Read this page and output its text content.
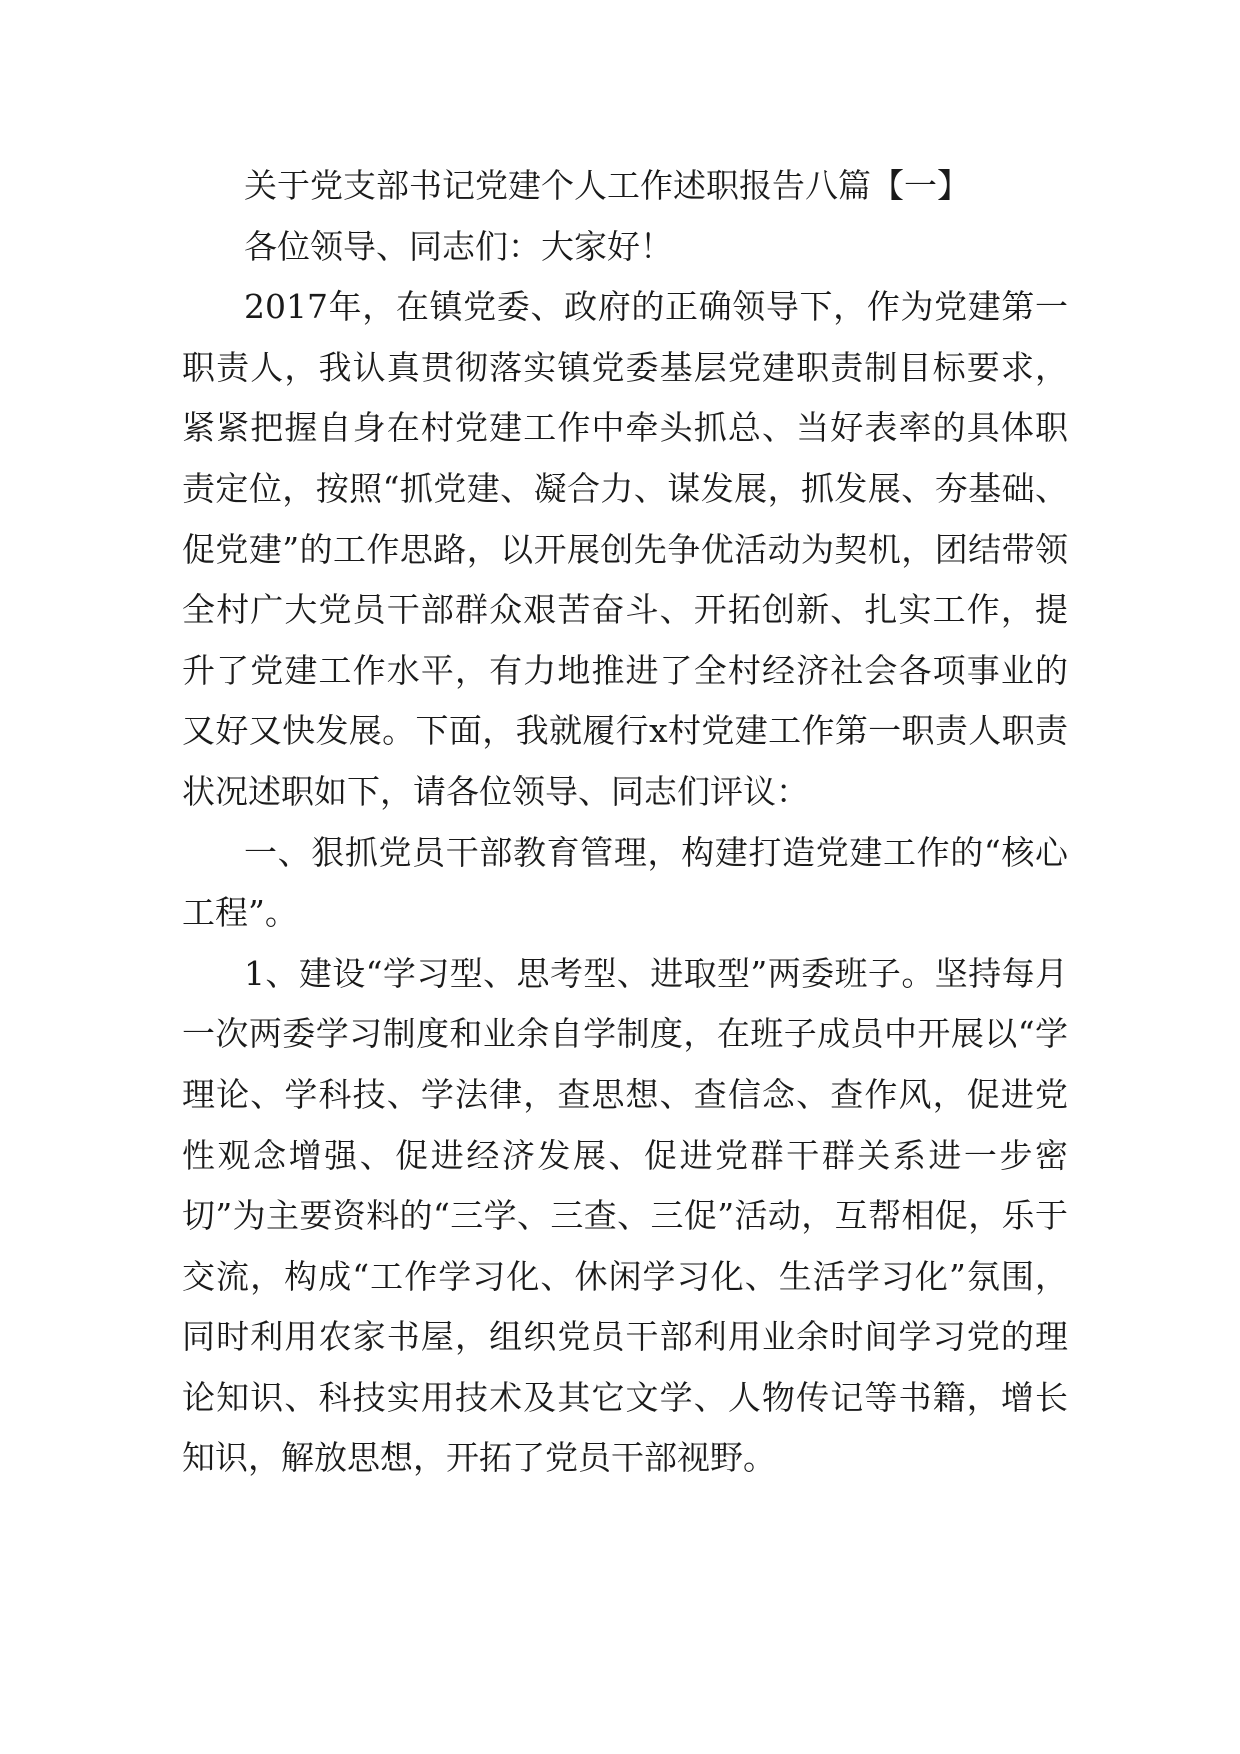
关于党支部书记党建个人工作述职报告八篇【一】

各位领导、同志们：大家好！

2017年，在镇党委、政府的正确领导下，作为党建第一职责人，我认真贯彻落实镇党委基层党建职责制目标要求，紧紧把握自身在村党建工作中牵头抓总、当好表率的具体职责定位，按照“抓党建、凝合力、谋发展，抓发展、夯基础、促党建”的工作思路，以开展创先争优活动为契机，团结带领全村广大党员干部群众艰苦奋斗、开拓创新、扎实工作，提升了党建工作水平，有力地推进了全村经济社会各项事业的又好又快发展。下面，我就履行x村党建工作第一职责人职责状况述职如下，请各位领导、同志们评议：

一、狠抓党员干部教育管理，构建打造党建工作的“核心工程”。

1、建设“学习型、思考型、进取型”两委班子。坚持每月一次两委学习制度和业余自学制度，在班子成员中开展以“学理论、学科技、学法律，查思想、查信念、查作风，促进党性观念增强、促进经济发展、促进党群干群关系进一步密切”为主要资料的“三学、三查、三促”活动，互帮相促，乐于交流，构成“工作学习化、休闲学习化、生活学习化”氛围，同时利用农家书屋，组织党员干部利用业余时间学习党的理论知识、科技实用技术及其它文学、人物传记等书籍，增长知识，解放思想，开拓了党员干部视野。
